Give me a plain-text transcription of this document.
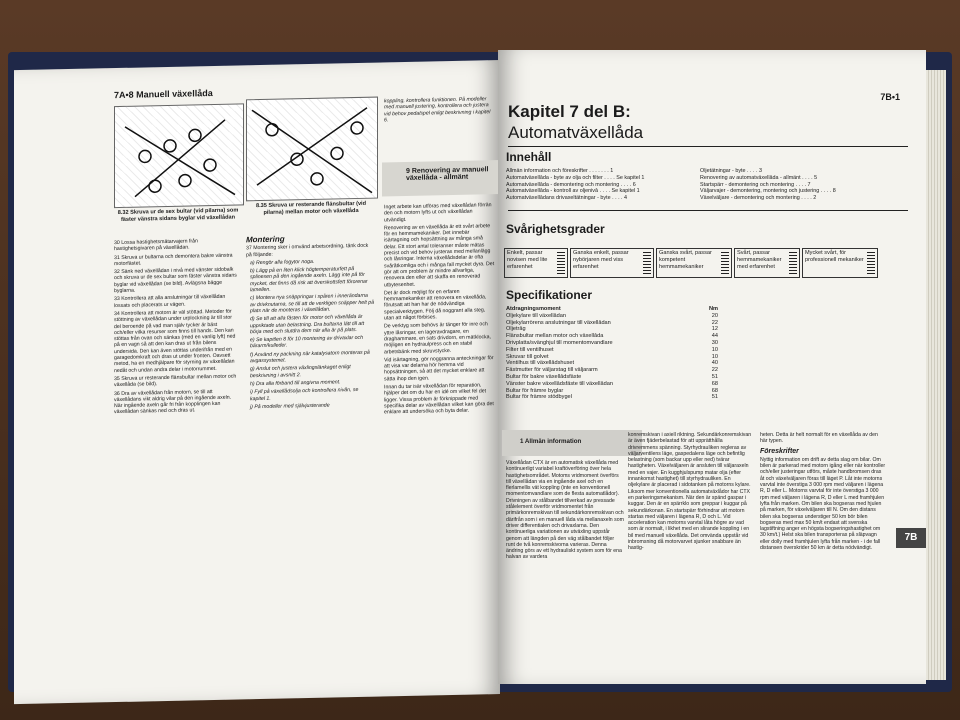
7A•8 Manuell växellåda
8.32 Skruva ur de sex bultar (vid pilarna) som fäster vänstra sidans byglar vid växellådan
8.35 Skruva ur resterande flänsbultar (vid pilarna) mellan motor och växellåda

30 Lossa hastighetsmätarvajern från hastighetsgivaren på växellådan.

31 Skruva ur bultarna och demontera bakre vänstra motorfästet.

32 Sänk ned växellådan i nivå med vänster sidobalk och skruva ur de sex bultar som fäster vänstra sidans byglar vid växellådan (se bild). Avlägsna bägge byglarna.

33 Kontrollera att alla anslutningar till växellådan lossats och placerats ur vägen.

34 Kontrollera att motorn är väl stöttad. Metoder för stöttning av växellådan under urplockning är till stor del beroende på vad man själv tycker är bäst och/eller vilka resurser som finns till hands. Den kan stöttas från ovan och sänkas (med en vanlig lyft) ned på en vagn så att den kan dras ut från bilens undersida. Den kan även stöttas underifrån med en garagedomkraft och dras ut under fronten. Oavsett metod, ha en medhjälpare för styrning av växellådan nedåt och undan andra delar i motorrummet.

35 Skruva ur resterande flänsbultar mellan motor och växellåda (se bild).

36 Dra av växellådan från motorn, se till att växellådans vikt aldrig vilar på den ingående axeln. När ingående axeln går fri från kopplingen kan växellådan sänkas ned och dras ut.

Montering

37 Montering sker i omvänd arbetsordning, tänk dock på följande:

a) Rengör alla fogytor noga.

b) Lägg på en liten klick högtemperaturfett på splinesen på den ingående axeln. Lägg inte på för mycket, det finns då risk att överskottsfett förorenar lamellen.

c) Montera nya snäppringar i spåren i innerändarna av drivknutarna, se till att de verkligen snäpper helt på plats när de monteras i växellådan.

d) Se till att alla fästen för motor och växellåda är uppriktade utan belastning. Dra bultarna lätt till att börja med och slutdra dem när alla är på plats.

e) Se kapitlen 8 för 10 montering av drivaxlar och bärarm/kulleder.

f) Använd ny packning när katalysatorn monteras på avgassystemet.

g) Anslut och justera växlingslänkaget enligt beskrivning i avsnitt 2.

h) Dra alla förband till angivna moment.

i) Fyll på växellådsolja och kontrollera nivån, se kapitel 1.

j) På modeller med självjusterande

koppling, kontrollera funktionen. På modeller med manuell justering, kontrollera och justera vid behov pedalspel enligt beskrivning i kapitel 6.
9 Renovering av manuell växellåda - allmänt

Inget arbete kan utföras med växellådan förrän den och motorn lyfts ut och växellådan utvändigt.

Renovering av en växellåda är ett svårt arbete för en hemmamekaniker. Det innebär isärtagning och hopsättning av många små delar. Ett stort antal toleranser måste mätas precist och vid behov justeras med mellanlägg och låsringar. Interna växellådsdelar är ofta svåråtkomliga och i många fall mycket dyra. Det gör att om problem är mindre allvarliga, renovera den eller att skaffa en renoverad utbytesenhet.

Det är dock möjligt för en erfaren hemmamekaniker att renovera en växellåda, förutsatt att han har de nödvändiga specialverktygen. Följ då noggrant alla steg, utan att något förbises.

De verktyg som behövs är tänger för inre och yttre låsringar, en lageravdragare, en draghammare, en sats drivdorn, en mätklocka, möjligen en hydraulpress och en stabil arbetsbänk med skruvstycke.

Vid isärtagning, gör noggranna anteckningar för att visa var delarna hör hemma vid hopsättningen, så att det mycket enklare att sätta ihop den igen.

Innan du tar isär växellådan för reparation, hjälper det om du har en idé om vilket fel det ligger. Vissa problem är förknippade med specifika delar av växellådan vilket kan göra det enklare att undersöka och byta delar.

7B•1
Kapitel 7 del B:
Automatväxellåda
Innehåll
Allmän information och föreskrifter . . . . . . . 1
Automatväxellåda - byte av olja och filter . . . . Se kapitel 1
Automatväxellåda - demontering och montering . . . . 6
Automatväxellåda - kontroll av oljenivå . . . . Se kapitel 1
Automatväxellådans drivaxeltätningar - byte . . . . 4
Oljetätningar - byte . . . . 3
Renovering av automatväxellåda - allmänt . . . . 5
Startspärr - demontering och montering . . . . 7
Väljarvajer - demontering, montering och justering . . . . 8
Växelväljare - demontering och montering . . . . 2
Svårighetsgrader
Enkelt, passar novisen med lite erfarenhet
Ganska enkelt, passar nybörjaren med viss erfarenhet
Ganska svårt, passar kompetent hemmamekaniker
Svårt, passar hemmamekaniker med erfarenhet
Mycket svårt, för professionell mekaniker
Specifikationer
Åtdragningsmoment	Nm
Oljekylare till växellådan	20
Oljekylarrörens anslutningar till växellådan	22
Oljetråg	12
Flänsbultar mellan motor och växellåda	44
Drivplatta/svänghjul till momentomvandlare	30
Filter till ventilhuset	10
Skruvar till golvet	10
Ventilhus till växellådshuset	40
Fästmutter för väljarstag till väljararm	22
Bultar för bakre växellådsfäste	51
Vänster bakre växellådsfäste till växellådan	68
Bultar för främre byglar	68
Bultar för främre stödbygel	51
1 Allmän information
Växellådan CTX är en automatisk växellåda med kontinuerligt variabel kraftöverföring över hela hastighetsområdet. Motoms vridmoment överförs till växellådan via en ingående axel och en flerlamellis vät koppling (inte en konventionell momentomvandlare som de flesta automatlådor). Drivningen av stålbandet tillverkad av pressade stålelement överför vridmomentet från primärkonremskivan till sekundärkonremskivan och därifrån som i en manuell låda via mellanaxeln som driver differentialen och drivaxlarna. Den kontinuerliga variationen av utväxling uppstår genom att längden på den väg stålbandet följer runt de två konremskivorna varieras. Denna ändring görs av ett hydrauliskt system som för ena halvan av vardera
konremskivan i axiell riktning. Sekundärkonremskivan är även fjäderbelastad för att upprätthålla drivremmens spänning. Styrhydrauliken regleras av väljarventilens läge, gaspedalens läge och befintlig belastning (som backar upp eller ned) tvärar hastigheten. Växelväljaren är ansluten till väljaraxeln med en vajer. En kugghjulspump matar olja (efter innankomst hastighet) till styrhydrauliken. En oljekylare är placerad i sidotanken på motorns kylare. Liksom mer konventionella automatväxlådor har CTX en parkeringsmekanism. När den är spänd gaspar i kuggar. Den är en spärrklo som greppar i kuggar på sekundärkonan. En startspärr förhindrar att motorn startas med väljaren i lägena R, D och L. Vid acceleration kan motorns varvtal låta högre av vad som är normalt, i likhet med en slirande koppling i en bil med manuell växellåda. Det omvända uppstår vid inbromsning då motorvarvet sjunker snabbare än hastig-

heten. Detta är helt normalt för en växellåda av den här typen.

Föreskrifter

Nyttig information om drift av detta slag om bilar. Om bilen är parkerad med motorn igång eller när kontroller och/eller justeringar utförs, måste handbromsen dras åt och växelväljaren föras till läget P. Låt inte motorns varvtal inte överstiga 3 000 rpm med väljaren i lägena R, D eller L. Motorns varvtal för inte överstiga 3 000 rpm med väljaren i lägena R, D eller L med framhjulen lyfta från marken. Om bilen ska bogseras med hjulen på marken, för växelväljaren till N. Om den distans bilen ska bogseras understiger 50 km bör bilen bogseras med max 50 km/t endast att svenska lagstiftning anger en högsta bogseringshastighet om 30 km/t.) Helst ska bilen transporteras på släpvagn eller dolly med framhjulen lyfta från marken - i de fall distansen överskrider 50 km är detta nödvändigt.

7B
